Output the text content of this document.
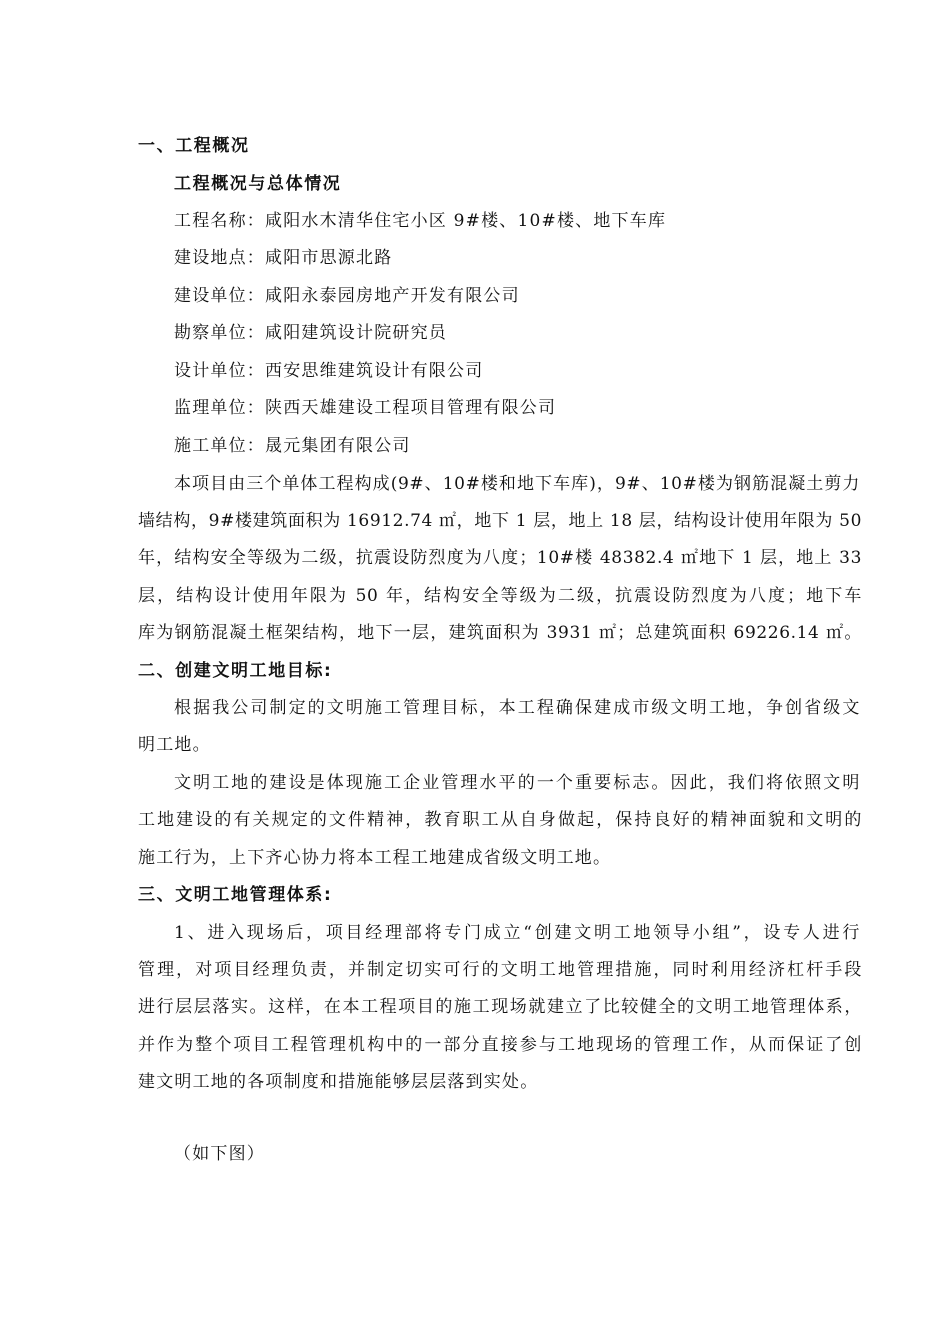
一、工程概况
工程概况与总体情况
工程名称：咸阳水木清华住宅小区 9#楼、10#楼、地下车库
建设地点：咸阳市思源北路
建设单位：咸阳永泰园房地产开发有限公司
勘察单位：咸阳建筑设计院研究员
设计单位：西安思维建筑设计有限公司
监理单位：陕西天雄建设工程项目管理有限公司
施工单位：晟元集团有限公司
本项目由三个单体工程构成(9#、10#楼和地下车库)，9#、10#楼为钢筋混凝土剪力
墙结构，9#楼建筑面积为 16912.74 ㎡，地下 1 层，地上 18 层，结构设计使用年限为 50
年，结构安全等级为二级，抗震设防烈度为八度；10#楼 48382.4 ㎡地下 1 层，地上 33
层，结构设计使用年限为 50 年，结构安全等级为二级，抗震设防烈度为八度；地下车
库为钢筋混凝土框架结构，地下一层，建筑面积为 3931 ㎡；总建筑面积 69226.14 ㎡。
二、创建文明工地目标:
根据我公司制定的文明施工管理目标，本工程确保建成市级文明工地，争创省级文
明工地。
文明工地的建设是体现施工企业管理水平的一个重要标志。因此，我们将依照文明
工地建设的有关规定的文件精神，教育职工从自身做起，保持良好的精神面貌和文明的
施工行为，上下齐心协力将本工程工地建成省级文明工地。
三、文明工地管理体系:
1、进入现场后，项目经理部将专门成立“创建文明工地领导小组”，设专人进行
管理，对项目经理负责，并制定切实可行的文明工地管理措施，同时利用经济杠杆手段
进行层层落实。这样，在本工程项目的施工现场就建立了比较健全的文明工地管理体系，
并作为整个项目工程管理机构中的一部分直接参与工地现场的管理工作，从而保证了创
建文明工地的各项制度和措施能够层层落到实处。
（如下图）
